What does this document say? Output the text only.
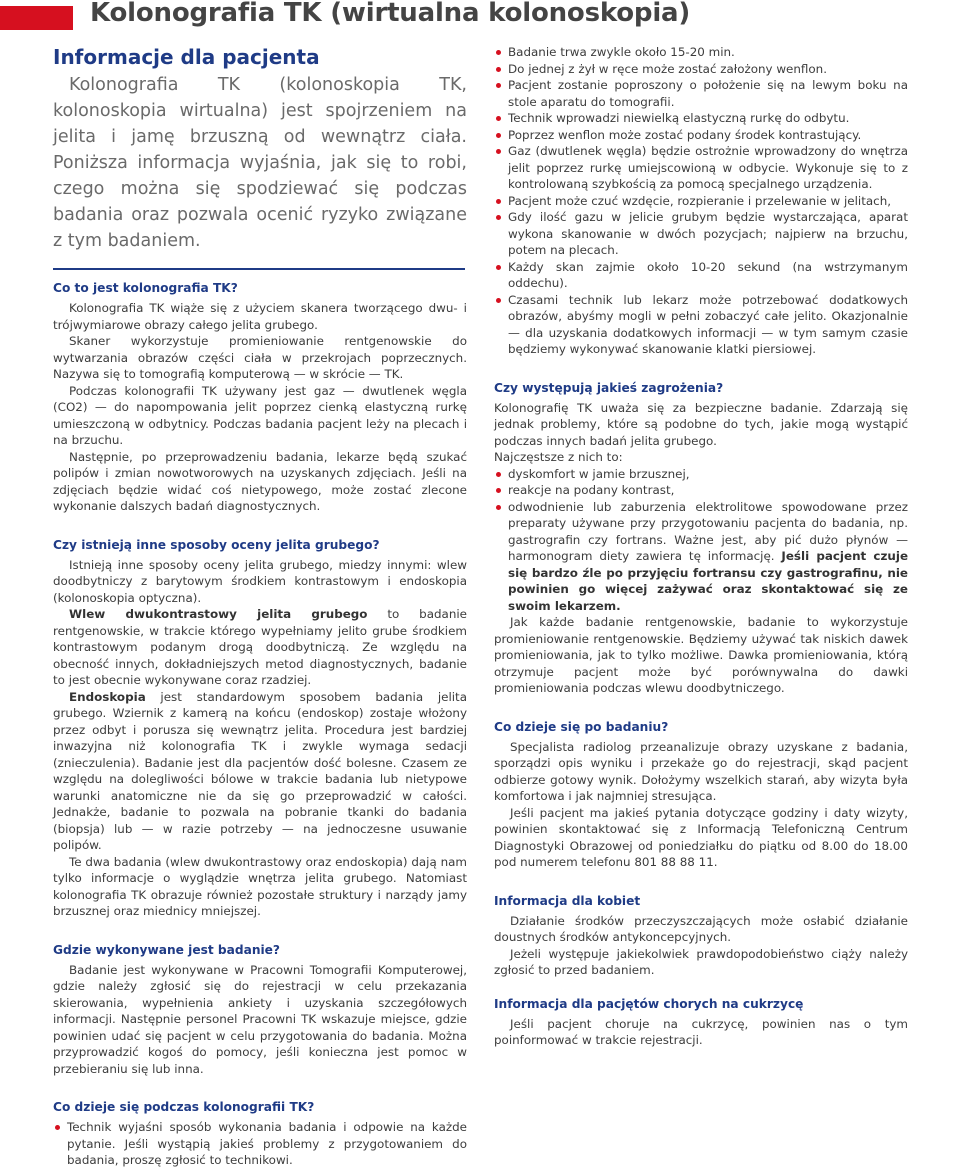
Kolonografia TK (wirtualna kolonoskopia)
Informacje dla pacjenta

Kolonografia TK (kolonoskopia TK, kolonoskopia wirtualna) jest spojrzeniem na jelita i jamę brzuszną od wewnątrz ciała. Poniższa informacja wyjaśnia, jak się to robi, czego można się spodziewać się podczas badania oraz pozwala ocenić ryzyko związane z tym badaniem.

Co to jest kolonografia TK?

Kolonografia TK wiąże się z użyciem skanera tworzącego dwu- i trójwymiarowe obrazy całego jelita grubego.

Skaner wykorzystuje promieniowanie rentgenowskie do wytwarzania obrazów części ciała w przekrojach poprzecznych. Nazywa się to tomografią komputerową — w skrócie — TK.

Podczas kolonografii TK używany jest gaz — dwutlenek węgla (CO2) — do napompowania jelit poprzez cienką elastyczną rurkę umieszczoną w odbytnicy. Podczas badania pacjent leży na plecach i na brzuchu.

Następnie, po przeprowadzeniu badania, lekarze będą szukać polipów i zmian nowotworowych na uzyskanych zdjęciach. Jeśli na zdjęciach będzie widać coś nietypowego, może zostać zlecone wykonanie dalszych badań diagnostycznych.

Czy istnieją inne sposoby oceny jelita grubego?

Istnieją inne sposoby oceny jelita grubego, miedzy innymi: wlew doodbytniczy z barytowym środkiem kontrastowym i endoskopia (kolonoskopia optyczna).

Wlew dwukontrastowy jelita grubego to badanie rentgenowskie, w trakcie którego wypełniamy jelito grube środkiem kontrastowym podanym drogą doodbytniczą. Ze względu na obecność innych, dokładniejszych metod diagnostycznych, badanie to jest obecnie wykonywane coraz rzadziej.

Endoskopia jest standardowym sposobem badania jelita grubego. Wziernik z kamerą na końcu (endoskop) zostaje włożony przez odbyt i porusza się wewnątrz jelita. Procedura jest bardziej inwazyjna niż kolonografia TK i zwykle wymaga sedacji (znieczulenia). Badanie jest dla pacjentów dość bolesne. Czasem ze względu na dolegliwości bólowe w trakcie badania lub nietypowe warunki anatomiczne nie da się go przeprowadzić w całości. Jednakże, badanie to pozwala na pobranie tkanki do badania (biopsja) lub — w razie potrzeby — na jednoczesne usuwanie polipów.

Te dwa badania (wlew dwukontrastowy oraz endoskopia) dają nam tylko informacje o wyglądzie wnętrza jelita grubego. Natomiast kolonografia TK obrazuje również pozostałe struktury i narządy jamy brzusznej oraz miednicy mniejszej.

Gdzie wykonywane jest badanie?

Badanie jest wykonywane w Pracowni Tomografii Komputerowej, gdzie należy zgłosić się do rejestracji w celu przekazania skierowania, wypełnienia ankiety i uzyskania szczegółowych informacji. Następnie personel Pracowni TK wskazuje miejsce, gdzie powinien udać się pacjent w celu przygotowania do badania. Można przyprowadzić kogoś do pomocy, jeśli konieczna jest pomoc w przebieraniu się lub inna.

Co dzieje się podczas kolonografii TK?
Technik wyjaśni sposób wykonania badania i odpowie na każde pytanie. Jeśli wystąpią jakieś problemy z przygotowaniem do badania, proszę zgłosić to technikowi.
Badanie trwa zwykle około 15-20 min.
Do jednej z żył w ręce może zostać założony wenflon.
Pacjent zostanie poproszony o położenie się na lewym boku na stole aparatu do tomografii.
Technik wprowadzi niewielką elastyczną rurkę do odbytu.
Poprzez wenflon może zostać podany środek kontrastujący.
Gaz (dwutlenek węgla) będzie ostrożnie wprowadzony do wnętrza jelit poprzez rurkę umiejscowioną w odbycie. Wykonuje się to z kontrolowaną szybkością za pomocą specjalnego urządzenia.
Pacjent może czuć wzdęcie, rozpieranie i przelewanie w jelitach,
Gdy ilość gazu w jelicie grubym będzie wystarczająca, aparat wykona skanowanie w dwóch pozycjach; najpierw na brzuchu, potem na plecach.
Każdy skan zajmie około 10-20 sekund (na wstrzymanym oddechu).
Czasami technik lub lekarz może potrzebować dodatkowych obrazów, abyśmy mogli w pełni zobaczyć całe jelito. Okazjonalnie — dla uzyskania dodatkowych informacji — w tym samym czasie będziemy wykonywać skanowanie klatki piersiowej.
Czy występują jakieś zagrożenia?

Kolonografię TK uważa się za bezpieczne badanie. Zdarzają się jednak problemy, które są podobne do tych, jakie mogą wystąpić podczas innych badań jelita grubego.

Najczęstsze z nich to:

dyskomfort w jamie brzusznej,
reakcje na podany kontrast,
odwodnienie lub zaburzenia elektrolitowe spowodowane przez preparaty używane przy przygotowaniu pacjenta do badania, np. gastrografin czy fortrans. Ważne jest, aby pić dużo płynów — harmonogram diety zawiera tę informację. Jeśli pacjent czuje się bardzo źle po przyjęciu fortransu czy gastrografinu, nie powinien go więcej zażywać oraz skontaktować się ze swoim lekarzem.

Jak każde badanie rentgenowskie, badanie to wykorzystuje promieniowanie rentgenowskie. Będziemy używać tak niskich dawek promieniowania, jak to tylko możliwe. Dawka promieniowania, którą otrzymuje pacjent może być porównywalna do dawki promieniowania podczas wlewu doodbytniczego.

Co dzieje się po badaniu?

Specjalista radiolog przeanalizuje obrazy uzyskane z badania, sporządzi opis wyniku i przekaże go do rejestracji, skąd pacjent odbierze gotowy wynik. Dołożymy wszelkich starań, aby wizyta była komfortowa i jak najmniej stresująca.

Jeśli pacjent ma jakieś pytania dotyczące godziny i daty wizyty, powinien skontaktować się z Informacją Telefoniczną Centrum Diagnostyki Obrazowej od poniedziałku do piątku od 8.00 do 18.00 pod numerem telefonu 801 88 88 11.

Informacja dla kobiet

Działanie środków przeczyszczających może osłabić działanie doustnych środków antykoncepcyjnych.

Jeżeli występuje jakiekolwiek prawdopodobieństwo ciąży należy zgłosić to przed badaniem.

Informacja dla pacjętów chorych na cukrzycę

Jeśli pacjent choruje na cukrzycę, powinien nas o tym poinformować w trakcie rejestracji.
